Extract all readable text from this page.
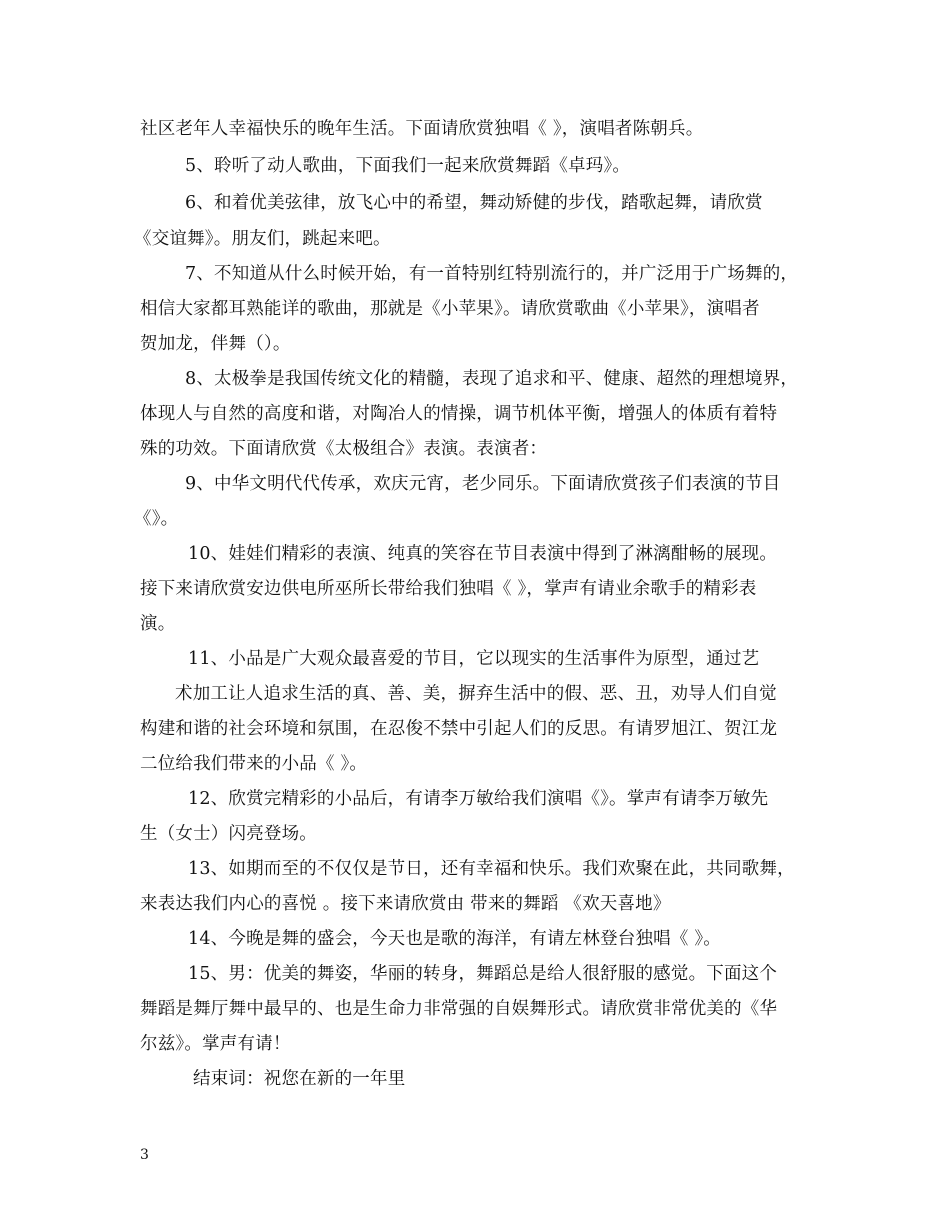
社区老年人幸福快乐的晚年生活。下面请欣赏独唱《 》，演唱者陈朝兵。
5、聆听了动人歌曲，下面我们一起来欣赏舞蹈《卓玛》。
6、和着优美弦律，放飞心中的希望，舞动矫健的步伐，踏歌起舞，请欣赏
《交谊舞》。朋友们，跳起来吧。
7、不知道从什么时候开始，有一首特别红特别流行的，并广泛用于广场舞的，
相信大家都耳熟能详的歌曲，那就是《小苹果》。请欣赏歌曲《小苹果》，演唱者
贺加龙，伴舞（）。
8、太极拳是我国传统文化的精髓，表现了追求和平、健康、超然的理想境界，
体现人与自然的高度和谐，对陶冶人的情操，调节机体平衡，增强人的体质有着特
殊的功效。下面请欣赏《太极组合》表演。表演者：
9、中华文明代代传承，欢庆元宵，老少同乐。下面请欣赏孩子们表演的节目
《》。
10、娃娃们精彩的表演、纯真的笑容在节目表演中得到了淋漓酣畅的展现。
接下来请欣赏安边供电所巫所长带给我们独唱《 》，掌声有请业余歌手的精彩表
演。
11、小品是广大观众最喜爱的节目，它以现实的生活事件为原型，通过艺
术加工让人追求生活的真、善、美，摒弃生活中的假、恶、丑，劝导人们自觉
构建和谐的社会环境和氛围，在忍俊不禁中引起人们的反思。有请罗旭江、贺江龙
二位给我们带来的小品《 》。
12、欣赏完精彩的小品后，有请李万敏给我们演唱《》。掌声有请李万敏先
生（女士）闪亮登场。
13、如期而至的不仅仅是节日，还有幸福和快乐。我们欢聚在此，共同歌舞，
来表达我们内心的喜悦 。接下来请欣赏由 带来的舞蹈 《欢天喜地》
14、今晚是舞的盛会，今天也是歌的海洋，有请左林登台独唱《 》。
15、男：优美的舞姿，华丽的转身，舞蹈总是给人很舒服的感觉。下面这个
舞蹈是舞厅舞中最早的、也是生命力非常强的自娱舞形式。请欣赏非常优美的《华
尔兹》。掌声有请！
结束词：祝您在新的一年里
3
